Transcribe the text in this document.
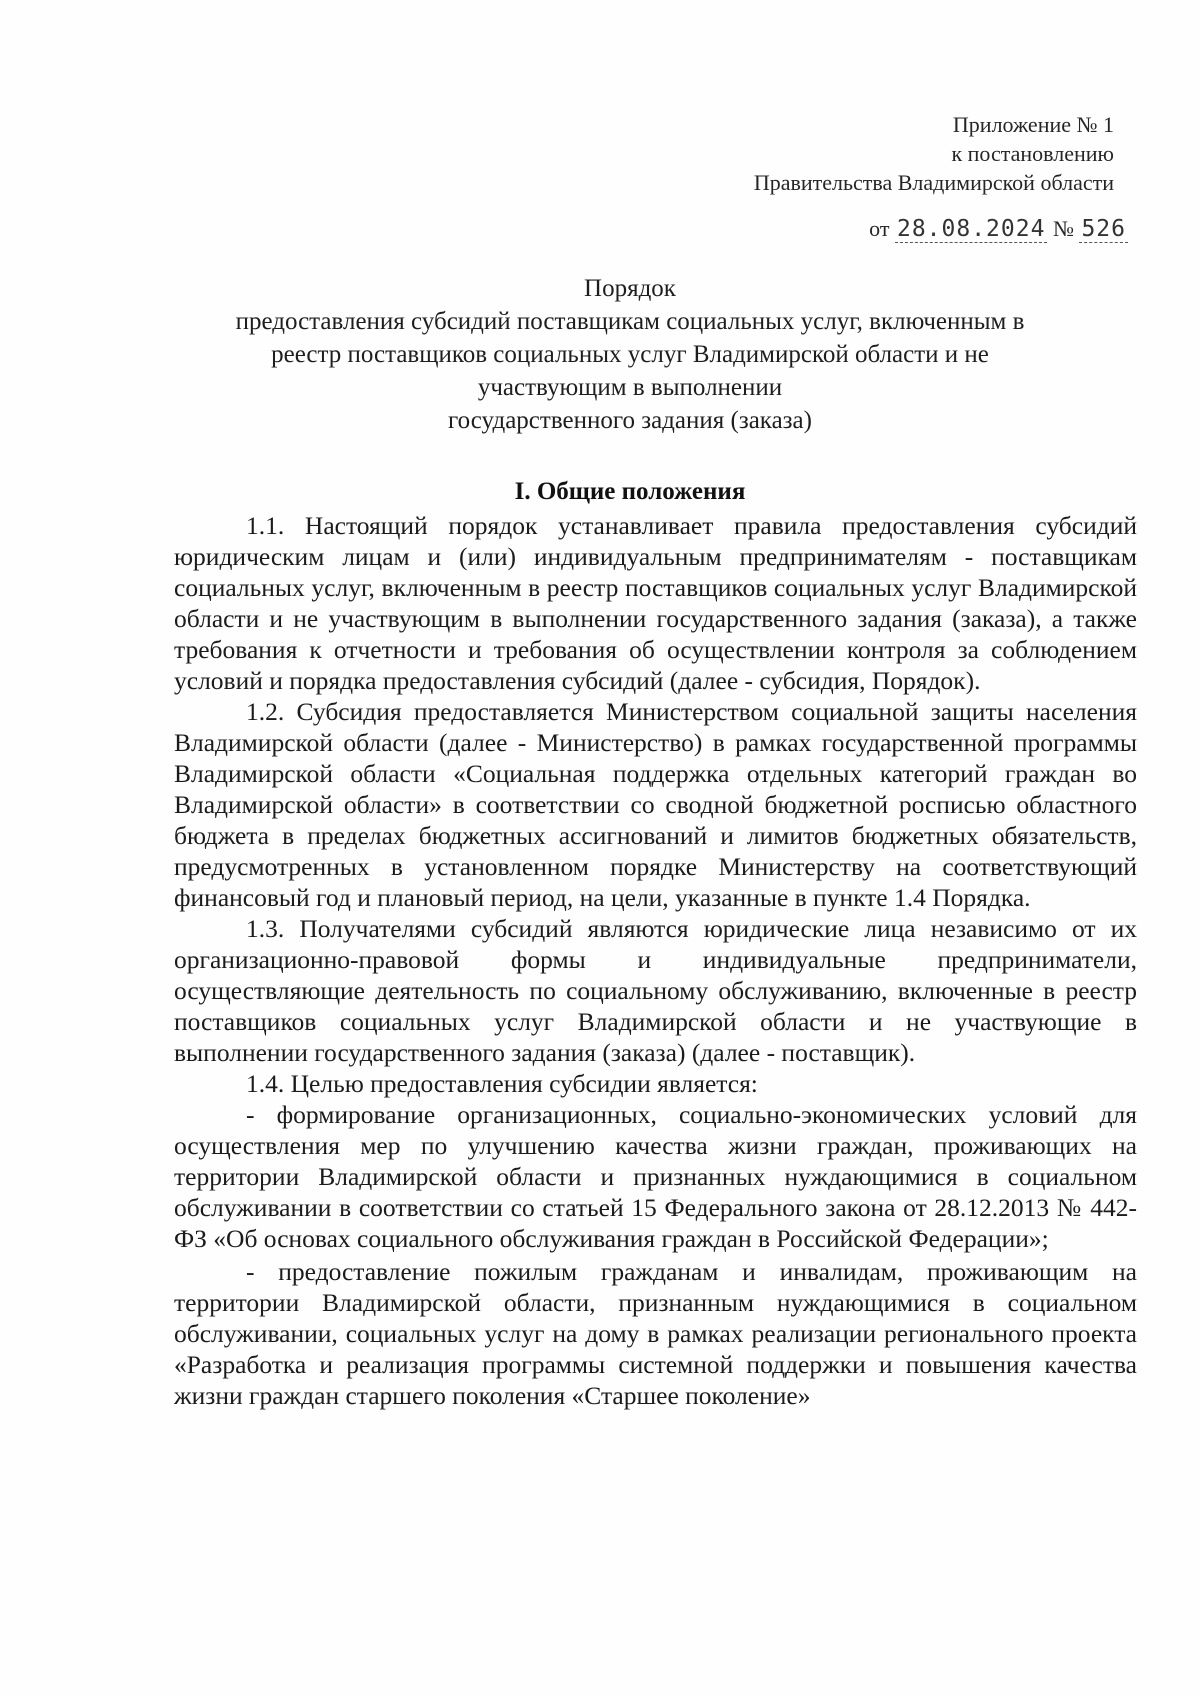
Приложение № 1
к постановлению
Правительства Владимирской области
от 28.08.2024 № 526
Порядок
предоставления субсидий поставщикам социальных услуг, включенным в
реестр поставщиков социальных услуг Владимирской области и не
участвующим в выполнении
государственного задания (заказа)
I. Общие положения

1.1. Настоящий порядок устанавливает правила предоставления субсидий юридическим лицам и (или) индивидуальным предпринимателям - поставщикам социальных услуг, включенным в реестр поставщиков социальных услуг Владимирской области и не участвующим в выполнении государственного задания (заказа), а также требования к отчетности и требования об осуществлении контроля за соблюдением условий и порядка предоставления субсидий (далее - субсидия, Порядок).

1.2. Субсидия предоставляется Министерством социальной защиты населения Владимирской области (далее - Министерство) в рамках государственной программы Владимирской области «Социальная поддержка отдельных категорий граждан во Владимирской области» в соответствии со сводной бюджетной росписью областного бюджета в пределах бюджетных ассигнований и лимитов бюджетных обязательств, предусмотренных в установленном порядке Министерству на соответствующий финансовый год и плановый период, на цели, указанные в пункте 1.4 Порядка.

1.3. Получателями субсидий являются юридические лица независимо от их организационно-правовой формы и индивидуальные предприниматели, осуществляющие деятельность по социальному обслуживанию, включенные в реестр поставщиков социальных услуг Владимирской области и не участвующие в выполнении государственного задания (заказа) (далее - поставщик).

1.4. Целью предоставления субсидии является:

- формирование организационных, социально-экономических условий для осуществления мер по улучшению качества жизни граждан, проживающих на территории Владимирской области и признанных нуждающимися в социальном обслуживании в соответствии со статьей 15 Федерального закона от 28.12.2013 № 442-ФЗ «Об основах социального обслуживания граждан в Российской Федерации»;

- предоставление пожилым гражданам и инвалидам, проживающим на территории Владимирской области, признанным нуждающимися в социальном обслуживании, социальных услуг на дому в рамках реализации регионального проекта «Разработка и реализация программы системной поддержки и повышения качества жизни граждан старшего поколения «Старшее поколение»
